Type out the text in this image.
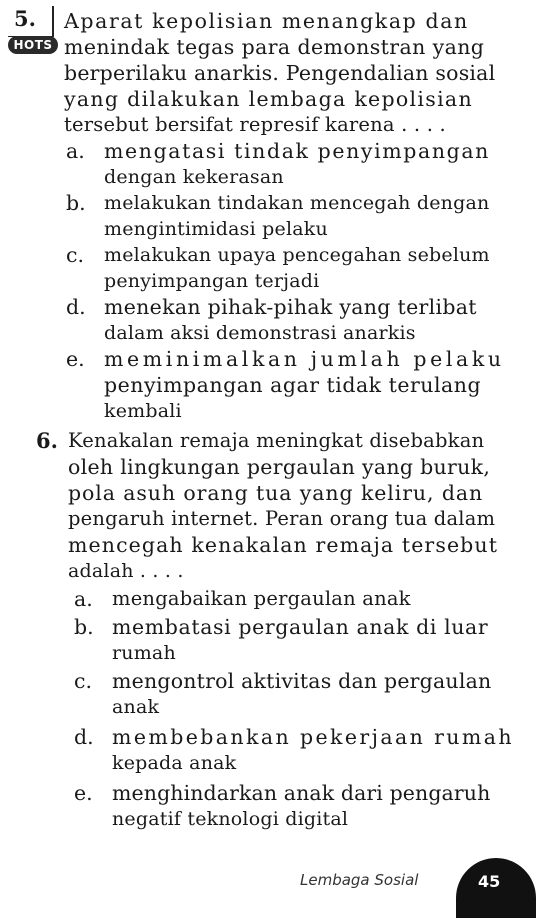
5.
HOTS
Aparat kepolisian menangkap dan
menindak tegas para demonstran yang
berperilaku anarkis. Pengendalian sosial
yang dilakukan lembaga kepolisian
tersebut bersifat represif karena . . . .
a. mengatasi tindak penyimpangan
dengan kekerasan
b. melakukan tindakan mencegah dengan
mengintimidasi pelaku
c. melakukan upaya pencegahan sebelum
penyimpangan terjadi
d. menekan pihak-pihak yang terlibat
dalam aksi demonstrasi anarkis
e. meminimalkan jumlah pelaku
penyimpangan agar tidak terulang
kembali
6. Kenakalan remaja meningkat disebabkan
oleh lingkungan pergaulan yang buruk,
pola asuh orang tua yang keliru, dan
pengaruh internet. Peran orang tua dalam
mencegah kenakalan remaja tersebut
adalah . . . .
a. mengabaikan pergaulan anak
b. membatasi pergaulan anak di luar
rumah
c. mengontrol aktivitas dan pergaulan
anak
d. membebankan pekerjaan rumah
kepada anak
e. menghindarkan anak dari pengaruh
negatif teknologi digital
Lembaga Sosial	45
